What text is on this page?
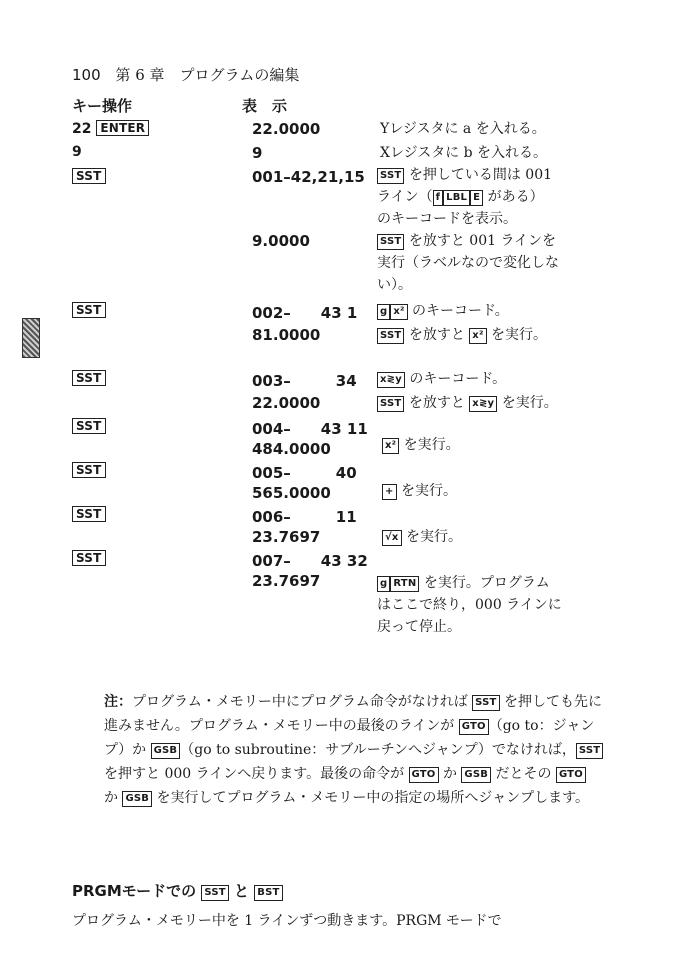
100 第 6 章　プログラムの編集
キー操作	表　示
22 ENTER	22.0000	Yレジスタに a を入れる。
9	9	Xレジスタに b を入れる。
SST	001–42,21,15	SST を押している間は 001
ライン（ f LBL E がある）
のキーコードを表示。
9.0000	SST を放すと 001 ラインを
実行（ラベルなので変化しな
い）。
SST	002–　　43 1	g x² のキーコード。
81.0000	SST を放すと x² を実行。
SST	003–　　　34	x≷y のキーコード。
22.0000	SST を放すと x≷y を実行。
SST	004–　　43 11
484.0000	x² を実行。
SST	005–　　　40
565.0000	+ を実行。
SST	006–　　　11
23.7697	√x を実行。
SST	007–　　43 32
23.7697	g RTN を実行。プログラム
はここで終り，000 ラインに
戻って停止。
注：プログラム・メモリー中にプログラム命令がなければ SST を押しても先に進みません。プログラム・メモリー中の最後のラインが GTO （go to：ジャンプ）か GSB （go to subroutine：サブルーチンへジャンプ）でなければ， SST を押すと 000 ラインへ戻ります。最後の命令が GTO か GSB だとその GTO か GSB を実行してプログラム・メモリー中の指定の場所へジャンプします。
PRGMモードでの SST と BST
プログラム・メモリー中を 1 ラインずつ動きます。PRGM モードで
